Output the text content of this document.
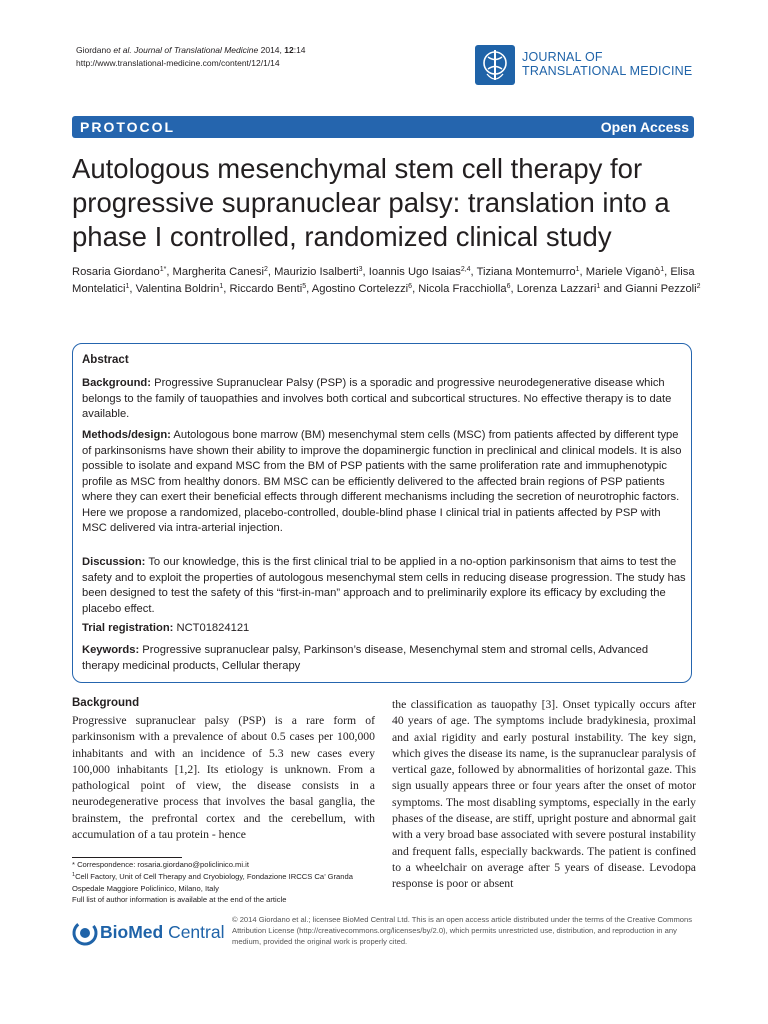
Giordano et al. Journal of Translational Medicine 2014, 12:14
http://www.translational-medicine.com/content/12/1/14	JOURNAL OF
TRANSLATIONAL MEDICINE
PROTOCOL	Open Access
Autologous mesenchymal stem cell therapy for progressive supranuclear palsy: translation into a phase I controlled, randomized clinical study
Rosaria Giordano$^{1*}$, Margherita Canesi$^2$, Maurizio Isalberti$^3$, Ioannis Ugo Isaias$^{2,4}$, Tiziana Montemurro$^1$, Mariele Viganò$^1$, Elisa Montelatici$^1$, Valentina Boldrin$^1$, Riccardo Benti$^5$, Agostino Cortelezzi$^6$, Nicola Fracchiolla$^6$, Lorenza Lazzari$^1$ and Gianni Pezzoli$^2$
Abstract
Background: Progressive Supranuclear Palsy (PSP) is a sporadic and progressive neurodegenerative disease which belongs to the family of tauopathies and involves both cortical and subcortical structures. No effective therapy is to date available.
Methods/design: Autologous bone marrow (BM) mesenchymal stem cells (MSC) from patients affected by different type of parkinsonisms have shown their ability to improve the dopaminergic function in preclinical and clinical models. It is also possible to isolate and expand MSC from the BM of PSP patients with the same proliferation rate and immuphenotypic profile as MSC from healthy donors. BM MSC can be efficiently delivered to the affected brain regions of PSP patients where they can exert their beneficial effects through different mechanisms including the secretion of neurotrophic factors.
Here we propose a randomized, placebo-controlled, double-blind phase I clinical trial in patients affected by PSP with MSC delivered via intra-arterial injection.
Discussion: To our knowledge, this is the first clinical trial to be applied in a no-option parkinsonism that aims to test the safety and to exploit the properties of autologous mesenchymal stem cells in reducing disease progression. The study has been designed to test the safety of this “first-in-man” approach and to preliminarily explore its efficacy by excluding the placebo effect.
Trial registration: NCT01824121
Keywords: Progressive supranuclear palsy, Parkinson’s disease, Mesenchymal stem and stromal cells, Advanced therapy medicinal products, Cellular therapy
Background
Progressive supranuclear palsy (PSP) is a rare form of parkinsonism with a prevalence of about 0.5 cases per 100,000 inhabitants and with an incidence of 5.3 new cases every 100,000 inhabitants [1,2]. Its etiology is unknown. From a pathological point of view, the disease consists in a neurodegenerative process that involves the basal ganglia, the brainstem, the prefrontal cortex and the cerebellum, with accumulation of a tau protein - hence
the classification as tauopathy [3]. Onset typically occurs after 40 years of age. The symptoms include bradykinesia, proximal and axial rigidity and early postural instability. The key sign, which gives the disease its name, is the supranuclear paralysis of vertical gaze, followed by abnormalities of horizontal gaze. This sign usually appears three or four years after the onset of motor symptoms. The most disabling symptoms, especially in the early phases of the disease, are stiff, upright posture and abnormal gait with a very broad base associated with severe postural instability and frequent falls, especially backwards. The patient is confined to a wheelchair on average after 5 years of disease. Levodopa response is poor or absent
* Correspondence: rosaria.giordano@policlinico.mi.it
$^1$Cell Factory, Unit of Cell Therapy and Cryobiology, Fondazione IRCCS Ca’ Granda Ospedale Maggiore Policlinico, Milano, Italy
Full list of author information is available at the end of the article
BioMed Central
© 2014 Giordano et al.; licensee BioMed Central Ltd. This is an open access article distributed under the terms of the Creative Commons Attribution License (http://creativecommons.org/licenses/by/2.0), which permits unrestricted use, distribution, and reproduction in any medium, provided the original work is properly cited.
